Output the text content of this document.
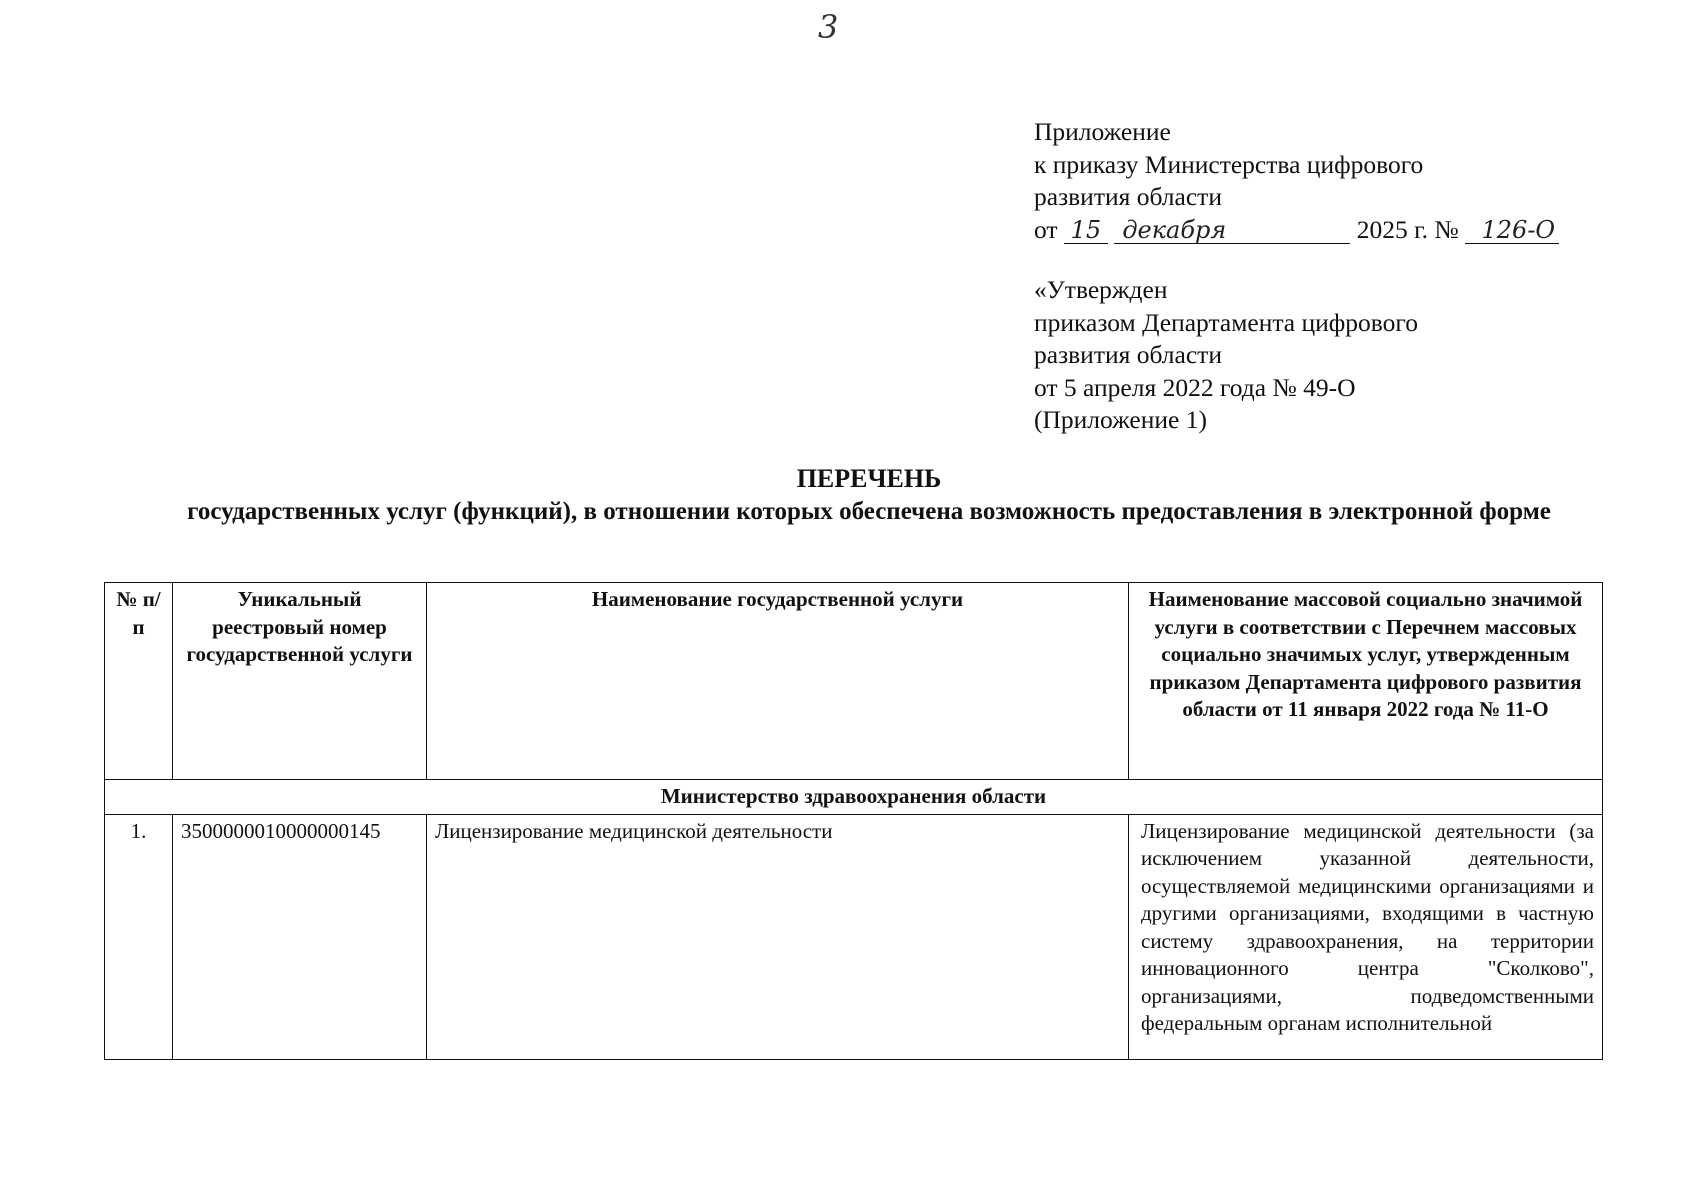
3
Приложение
к приказу Министерства цифрового
развития области
от 15 декабря	2025 г. № 126-О
«Утвержден
приказом Департамента цифрового
развития области
от 5 апреля 2022 года № 49-О
(Приложение 1)
ПЕРЕЧЕНЬ
государственных услуг (функций), в отношении которых обеспечена возможность предоставления в электронной форме
№ п/п	Уникальный реестровый номер государственной услуги	Наименование государственной услуги	Наименование массовой социально значимой услуги в соответствии с Перечнем массовых социально значимых услуг, утвержденным приказом Департамента цифрового развития области от 11 января 2022 года № 11-О
Министерство здравоохранения области			
1.	3500000010000000145	Лицензирование медицинской деятельности	Лицензирование медицинской деятельности (за исключением указанной деятельности, осуществляемой медицинскими организациями и другими организациями, входящими в частную систему здравоохранения, на территории инновационного центра "Сколково", организациями, подведомственными федеральным органам исполнительной
